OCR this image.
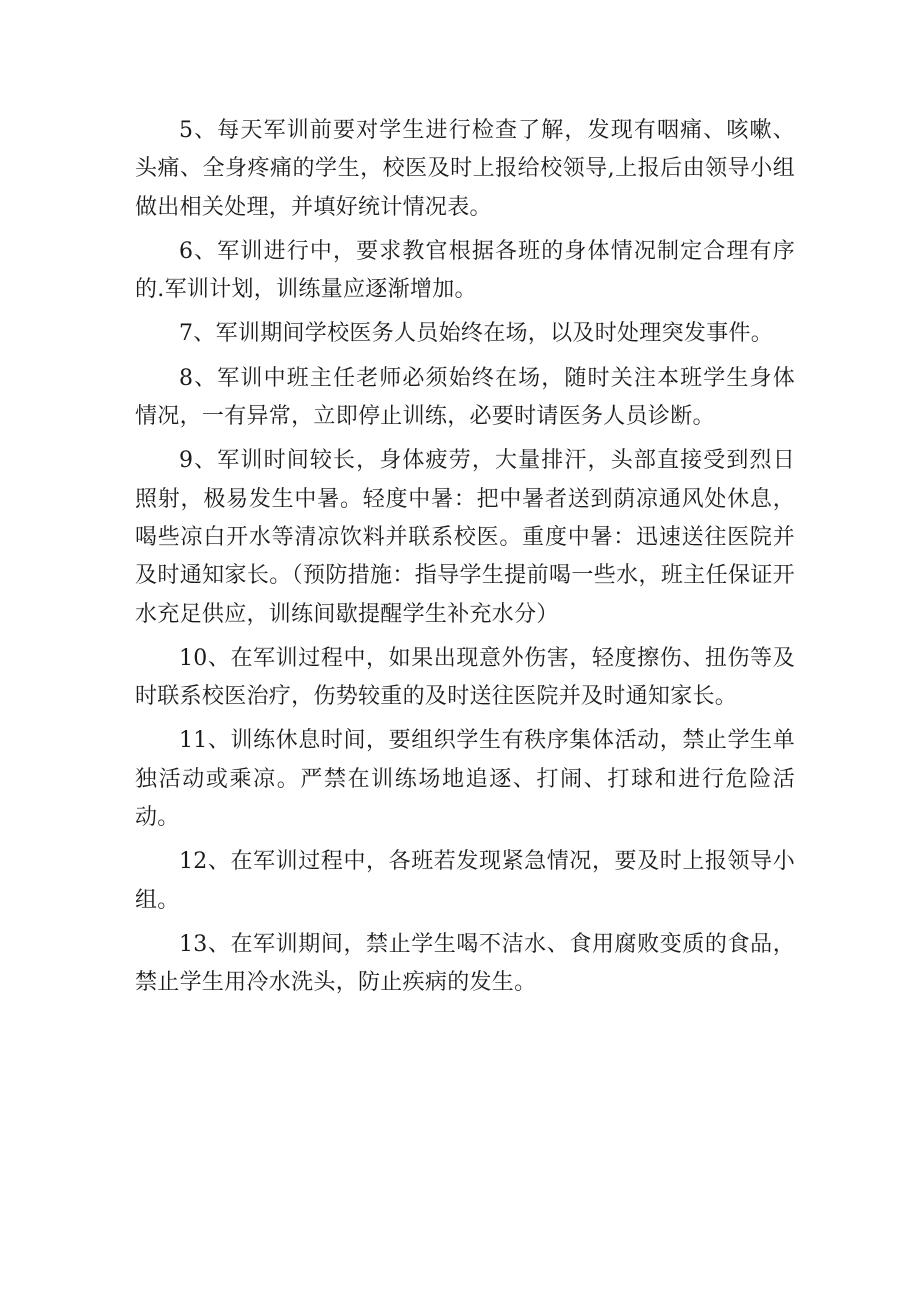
5、每天军训前要对学生进行检查了解，发现有咽痛、咳嗽、头痛、全身疼痛的学生，校医及时上报给校领导,上报后由领导小组做出相关处理，并填好统计情况表。

6、军训进行中，要求教官根据各班的身体情况制定合理有序的.军训计划，训练量应逐渐增加。

7、军训期间学校医务人员始终在场，以及时处理突发事件。

8、军训中班主任老师必须始终在场，随时关注本班学生身体情况，一有异常，立即停止训练，必要时请医务人员诊断。

9、军训时间较长，身体疲劳，大量排汗，头部直接受到烈日照射，极易发生中暑。轻度中暑：把中暑者送到荫凉通风处休息，喝些凉白开水等清凉饮料并联系校医。重度中暑：迅速送往医院并及时通知家长。（预防措施：指导学生提前喝一些水，班主任保证开水充足供应，训练间歇提醒学生补充水分）

10、在军训过程中，如果出现意外伤害，轻度擦伤、扭伤等及时联系校医治疗，伤势较重的及时送往医院并及时通知家长。

11、训练休息时间，要组织学生有秩序集体活动，禁止学生单独活动或乘凉。严禁在训练场地追逐、打闹、打球和进行危险活动。

12、在军训过程中，各班若发现紧急情况，要及时上报领导小组。

13、在军训期间，禁止学生喝不洁水、食用腐败变质的食品，禁止学生用冷水洗头，防止疾病的发生。
